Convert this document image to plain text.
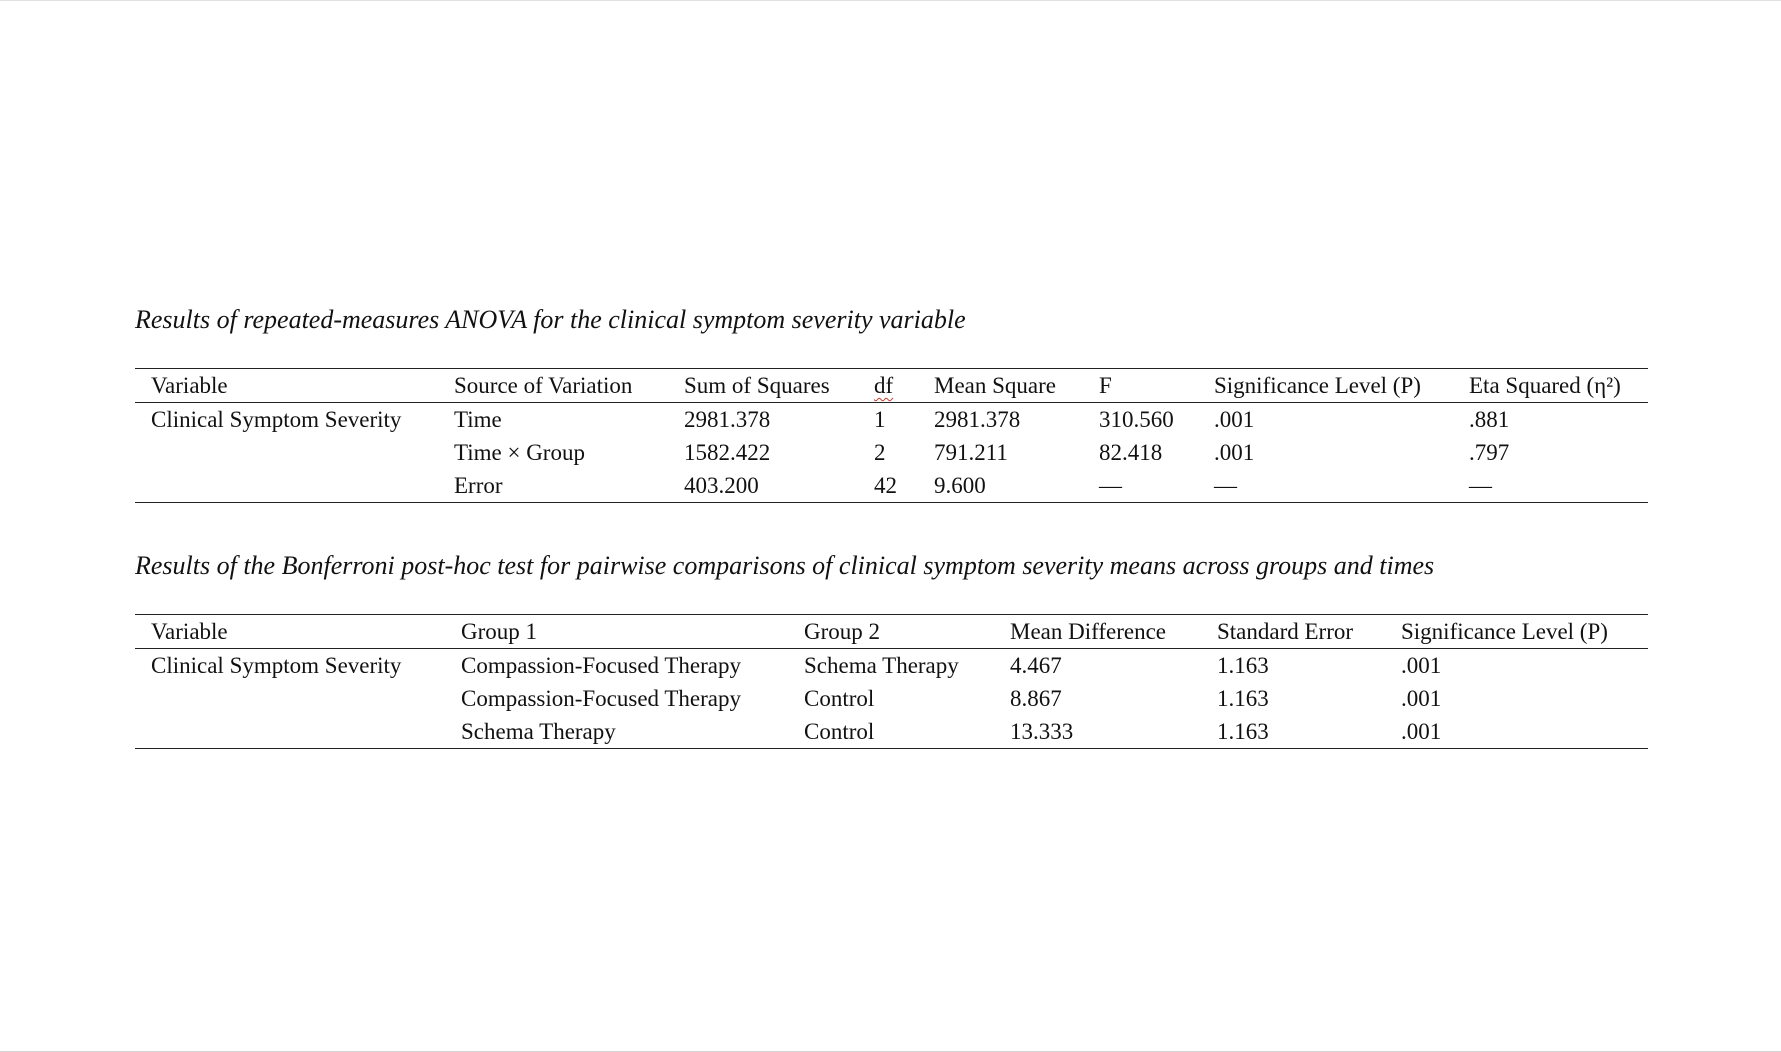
Results of repeated-measures ANOVA for the clinical symptom severity variable
Variable	Source of Variation	Sum of Squares	df	Mean Square	F	Significance Level (P)	Eta Squared (η²)
Clinical Symptom Severity	Time	2981.378	1	2981.378	310.560	.001	.881
	Time × Group	1582.422	2	791.211	82.418	.001	.797
	Error	403.200	42	9.600	—	—	—
Results of the Bonferroni post-hoc test for pairwise comparisons of clinical symptom severity means across groups and times
Variable	Group 1	Group 2	Mean Difference	Standard Error	Significance Level (P)
Clinical Symptom Severity	Compassion-Focused Therapy	Schema Therapy	4.467	1.163	.001
	Compassion-Focused Therapy	Control	8.867	1.163	.001
	Schema Therapy	Control	13.333	1.163	.001
